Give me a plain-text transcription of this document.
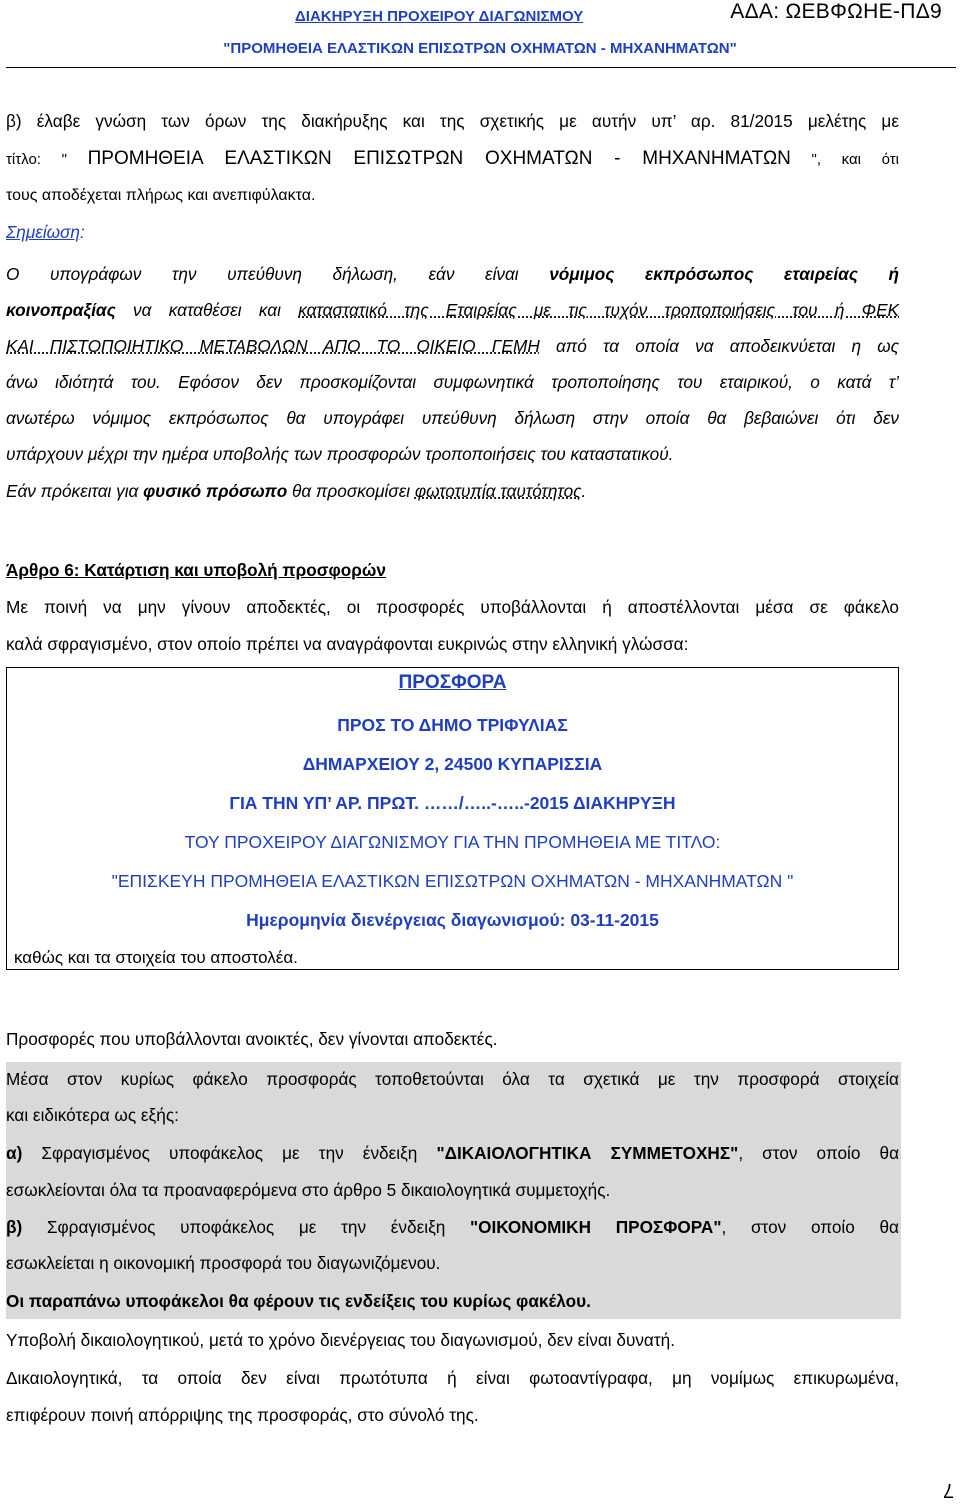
ΔΙΑΚΗΡΥΞΗ ΠΡΟΧΕΙΡΟΥ ΔΙΑΓΩΝΙΣΜΟΥ	ΑΔΑ: ΩΕΒΦΩΗΕ-ΠΔ9
"ΠΡΟΜΗΘΕΙΑ ΕΛΑΣΤΙΚΩΝ ΕΠΙΣΩΤΡΩΝ ΟΧΗΜΑΤΩΝ - ΜΗΧΑΝΗΜΑΤΩΝ"
β) έλαβε γνώση των όρων της διακήρυξης και της σχετικής με αυτήν υπ’ αρ. 81/2015 μελέτης με
τίτλο: " ΠΡΟΜΗΘΕΙΑ ΕΛΑΣΤΙΚΩΝ ΕΠΙΣΩΤΡΩΝ ΟΧΗΜΑΤΩΝ - ΜΗΧΑΝΗΜΑΤΩΝ ", και ότι
τους αποδέχεται πλήρως και ανεπιφύλακτα.
Σημείωση:
Ο υπογράφων την υπεύθυνη δήλωση, εάν είναι νόμιμος εκπρόσωπος εταιρείας ή
κοινοπραξίας να καταθέσει και καταστατικό της Εταιρείας με τις τυχόν τροποποιήσεις του ή ΦΕΚ
ΚΑΙ ΠΙΣΤΟΠΟΙΗΤΙΚΟ ΜΕΤΑΒΟΛΩΝ ΑΠΟ ΤΟ ΟΙΚΕΙΟ ΓΕΜΗ από τα οποία να αποδεικνύεται η ως
άνω ιδιότητά του. Εφόσον δεν προσκομίζονται συμφωνητικά τροποποίησης του εταιρικού, ο κατά τ’
ανωτέρω νόμιμος εκπρόσωπος θα υπογράφει υπεύθυνη δήλωση στην οποία θα βεβαιώνει ότι δεν
υπάρχουν μέχρι την ημέρα υποβολής των προσφορών τροποποιήσεις του καταστατικού.
Εάν πρόκειται για φυσικό πρόσωπο θα προσκομίσει φωτοτυπία ταυτότητος.
Άρθρο 6: Κατάρτιση και υποβολή προσφορών
Με ποινή να μην γίνουν αποδεκτές, οι προσφορές υποβάλλονται ή αποστέλλονται μέσα σε φάκελο
καλά σφραγισμένο, στον οποίο πρέπει να αναγράφονται ευκρινώς στην ελληνική γλώσσα:
ΠΡΟΣΦΟΡΑ
ΠΡΟΣ ΤΟ ΔΗΜΟ ΤΡΙΦΥΛΙΑΣ
ΔΗΜΑΡΧΕΙΟΥ 2, 24500 ΚΥΠΑΡΙΣΣΙΑ
ΓΙΑ ΤΗΝ ΥΠ’ ΑΡ. ΠΡΩΤ. ……/…..-…..-2015 ΔΙΑΚΗΡΥΞΗ
ΤΟΥ ΠΡΟΧΕΙΡΟΥ ΔΙΑΓΩΝΙΣΜΟΥ ΓΙΑ ΤΗΝ ΠΡΟΜΗΘΕΙΑ ΜΕ ΤΙΤΛΟ:
"ΕΠΙΣΚΕΥΗ ΠΡΟΜΗΘΕΙΑ ΕΛΑΣΤΙΚΩΝ ΕΠΙΣΩΤΡΩΝ ΟΧΗΜΑΤΩΝ - ΜΗΧΑΝΗΜΑΤΩΝ "
Ημερομηνία διενέργειας διαγωνισμού: 03-11-2015
καθώς και τα στοιχεία του αποστολέα.
Προσφορές που υποβάλλονται ανοικτές, δεν γίνονται αποδεκτές.
Μέσα στον κυρίως φάκελο προσφοράς τοποθετούνται όλα τα σχετικά με την προσφορά στοιχεία
και ειδικότερα ως εξής:
α) Σφραγισμένος υποφάκελος με την ένδειξη "ΔΙΚΑΙΟΛΟΓΗΤΙΚΑ ΣΥΜΜΕΤΟΧΗΣ", στον οποίο θα
εσωκλείονται όλα τα προαναφερόμενα στο άρθρο 5 δικαιολογητικά συμμετοχής.
β) Σφραγισμένος υποφάκελος με την ένδειξη "ΟΙΚΟΝΟΜΙΚΗ ΠΡΟΣΦΟΡΑ", στον οποίο θα
εσωκλείεται η οικονομική προσφορά του διαγωνιζόμενου.
Οι παραπάνω υποφάκελοι θα φέρουν τις ενδείξεις του κυρίως φακέλου.
Υποβολή δικαιολογητικού, μετά το χρόνο διενέργειας του διαγωνισμού, δεν είναι δυνατή.
Δικαιολογητικά, τα οποία δεν είναι πρωτότυπα ή είναι φωτοαντίγραφα, μη νομίμως επικυρωμένα,
επιφέρουν ποινή απόρριψης της προσφοράς, στο σύνολό της.
7
